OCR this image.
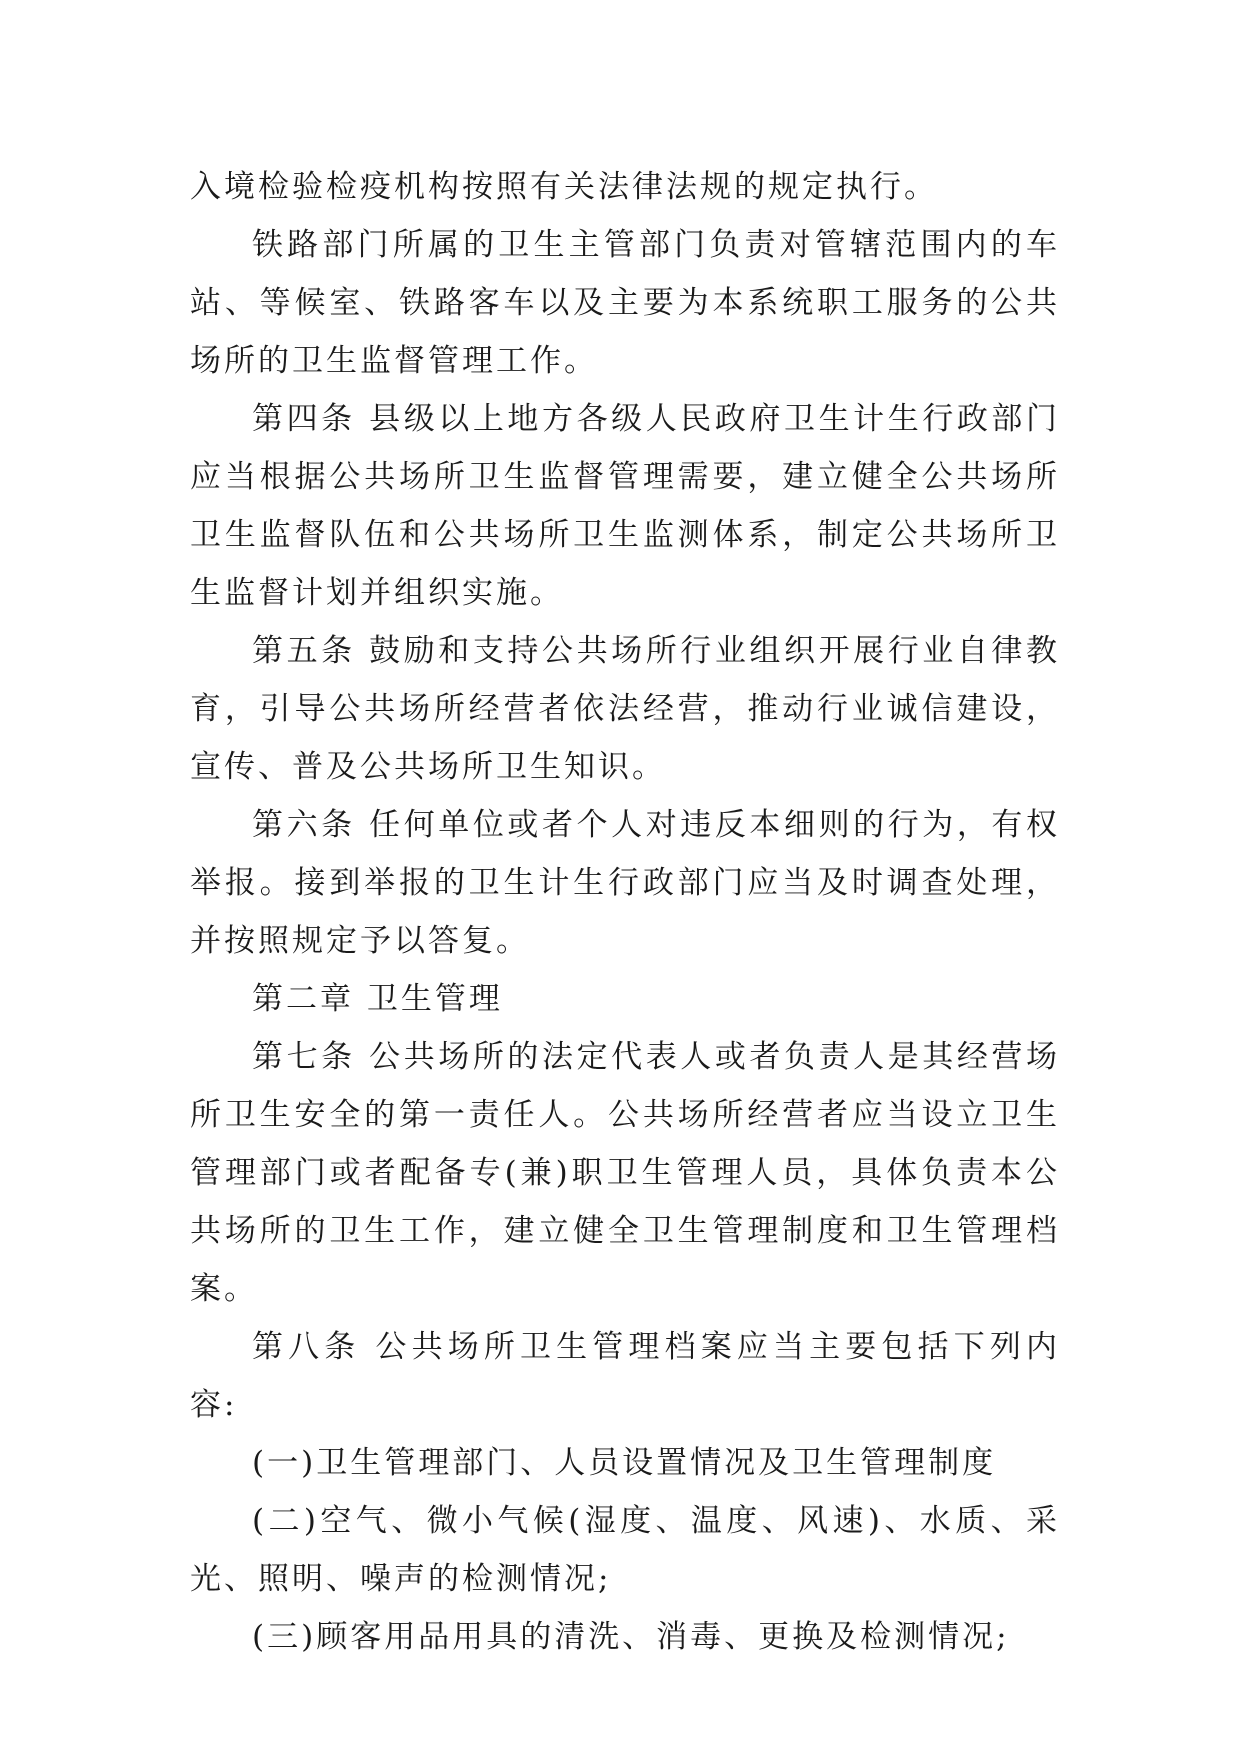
入境检验检疫机构按照有关法律法规的规定执行。

铁路部门所属的卫生主管部门负责对管辖范围内的车站、等候室、铁路客车以及主要为本系统职工服务的公共场所的卫生监督管理工作。

第四条 县级以上地方各级人民政府卫生计生行政部门应当根据公共场所卫生监督管理需要，建立健全公共场所卫生监督队伍和公共场所卫生监测体系，制定公共场所卫生监督计划并组织实施。

第五条 鼓励和支持公共场所行业组织开展行业自律教育，引导公共场所经营者依法经营，推动行业诚信建设，宣传、普及公共场所卫生知识。

第六条 任何单位或者个人对违反本细则的行为，有权举报。接到举报的卫生计生行政部门应当及时调查处理，并按照规定予以答复。

第二章 卫生管理

第七条 公共场所的法定代表人或者负责人是其经营场所卫生安全的第一责任人。公共场所经营者应当设立卫生管理部门或者配备专(兼)职卫生管理人员，具体负责本公共场所的卫生工作，建立健全卫生管理制度和卫生管理档案。

第八条 公共场所卫生管理档案应当主要包括下列内容:

(一)卫生管理部门、人员设置情况及卫生管理制度

(二)空气、微小气候(湿度、温度、风速)、水质、采光、照明、噪声的检测情况;

(三)顾客用品用具的清洗、消毒、更换及检测情况;
